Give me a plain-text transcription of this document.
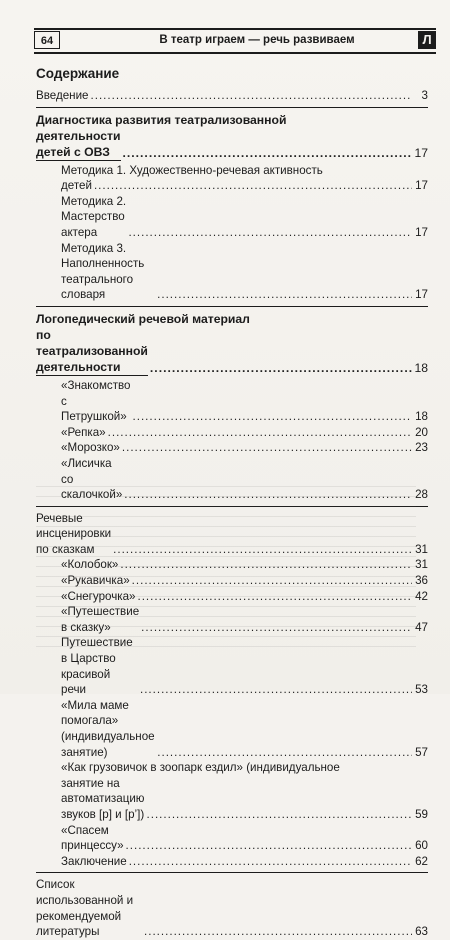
64	В театр играем — речь развиваем	Л
Содержание
Введение .....	3
Диагностика развития театрализованной
деятельности детей с ОВЗ .....	17
Методика 1. Художественно-речевая активность
детей .....	17
Методика 2. Мастерство актера .....	17
Методика 3. Наполненность театрального словаря .....	17
Логопедический речевой материал
по театрализованной деятельности .....	18
«Знакомство с Петрушкой» .....	18
«Репка» .....	20
«Морозко» .....	23
«Лисичка со скалочкой» .....	28
Речевые инсценировки по сказкам .....	31
«Колобок» .....	31
«Рукавичка» .....	36
«Снегурочка» .....	42
«Путешествие в сказку» .....	47
Путешествие в Царство красивой речи .....	53
«Мила маме помогала» (индивидуальное занятие) .....	57
«Как грузовичок в зоопарк ездил» (индивидуальное
занятие на автоматизацию звуков [р] и [р’]) .....	59
«Спасем принцессу» .....	60
Заключение .....	62
Список использованной и рекомендуемой литературы .....	63
